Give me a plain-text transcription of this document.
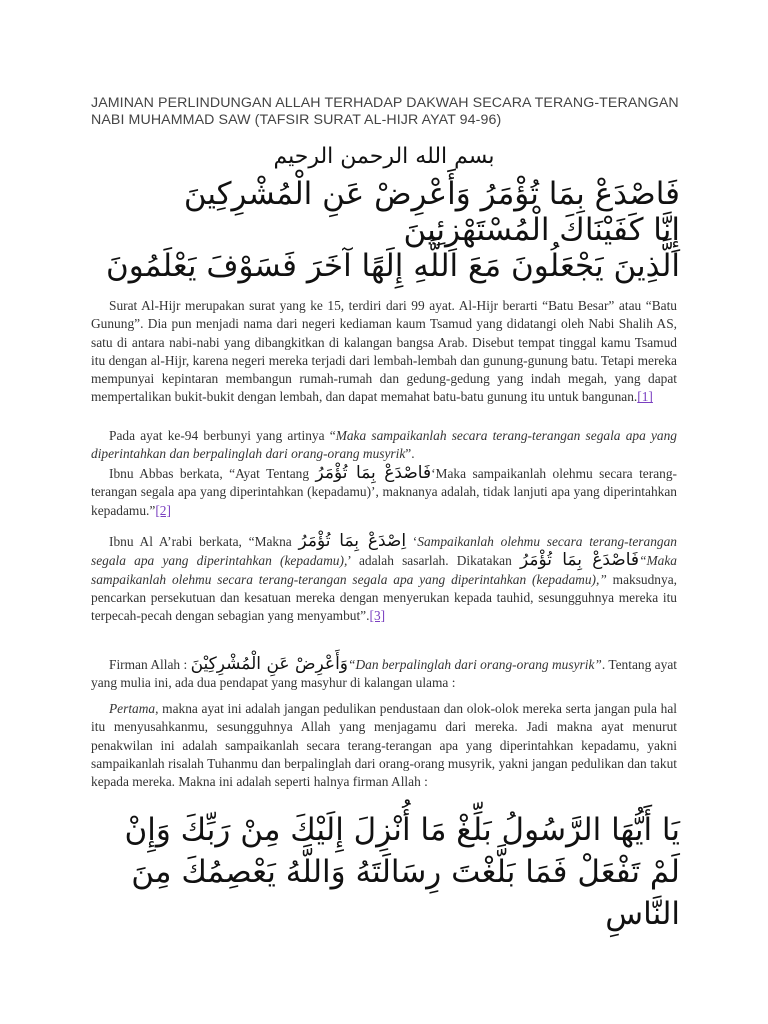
JAMINAN PERLINDUNGAN ALLAH TERHADAP DAKWAH SECARA TERANG-TERANGAN NABI MUHAMMAD SAW (TAFSIR SURAT AL-HIJR AYAT 94-96)
بسم الله الرحمن الرحيم
فَاصْدَعْ بِمَا تُؤْمَرُ وَأَعْرِضْ عَنِ الْمُشْرِكِينَ
إِنَّا كَفَيْنَاكَ الْمُسْتَهْزِئِينَ
الَّذِينَ يَجْعَلُونَ مَعَ اللَّهِ إِلَهًا آخَرَ فَسَوْفَ يَعْلَمُونَ
Surat Al-Hijr merupakan surat yang ke 15, terdiri dari 99 ayat. Al-Hijr berarti “Batu Besar” atau “Batu Gunung”. Dia pun menjadi nama dari negeri kediaman kaum Tsamud yang didatangi oleh Nabi Shalih AS, satu di antara nabi-nabi yang dibangkitkan di kalangan bangsa Arab. Disebut tempat tinggal kamu Tsamud itu dengan al-Hijr, karena negeri mereka terjadi dari lembah-lembah dan gunung-gunung batu. Tetapi mereka mempunyai kepintaran membangun rumah-rumah dan gedung-gedung yang indah megah, yang dapat mempertalikan bukit-bukit dengan lembah, dan dapat memahat batu-batu gunung itu untuk bangunan.[1]
Pada ayat ke-94 berbunyi yang artinya “Maka sampaikanlah secara terang-terangan segala apa yang diperintahkan dan berpalinglah dari orang-orang musyrik”.
Ibnu Abbas berkata, “Ayat Tentang فَاصْدَعْ بِمَا تُؤْمَرُ‘Maka sampaikanlah olehmu secara terang-terangan segala apa yang diperintahkan (kepadamu)’, maknanya adalah, tidak lanjuti apa yang diperintahkan kepadamu.”[2]
Ibnu Al A’rabi berkata, “Makna اِصْدَعْ بِمَا تُؤْمَرُ ‘Sampaikanlah olehmu secara terang-terangan segala apa yang diperintahkan (kepadamu),’ adalah sasarlah. Dikatakan فَاصْدَعْ بِمَا تُؤْمَرُ“Maka sampaikanlah olehmu secara terang-terangan segala apa yang diperintahkan (kepadamu),” maksudnya, pencarkan persekutuan dan kesatuan mereka dengan menyerukan kepada tauhid, sesungguhnya mereka itu terpecah-pecah dengan sebagian yang menyambut”.[3]
Firman Allah : وَأَعْرِضْ عَنِ الْمُشْرِكِيْنَ“Dan berpalinglah dari orang-orang musyrik”. Tentang ayat yang mulia ini, ada dua pendapat yang masyhur di kalangan ulama :
Pertama, makna ayat ini adalah jangan pedulikan pendustaan dan olok-olok mereka serta jangan pula hal itu menyusahkanmu, sesungguhnya Allah yang menjagamu dari mereka. Jadi makna ayat menurut penakwilan ini adalah sampaikanlah secara terang-terangan apa yang diperintahkan kepadamu, yakni sampaikanlah risalah Tuhanmu dan berpalinglah dari orang-orang musyrik, yakni jangan pedulikan dan takut kepada mereka. Makna ini adalah seperti halnya firman Allah :
يَا أَيُّهَا الرَّسُولُ بَلِّغْ مَا أُنْزِلَ إِلَيْكَ مِنْ رَبِّكَ وَإِنْ
لَمْ تَفْعَلْ فَمَا بَلَّغْتَ رِسَالَتَهُ وَاللَّهُ يَعْصِمُكَ مِنَ
النَّاسِ
